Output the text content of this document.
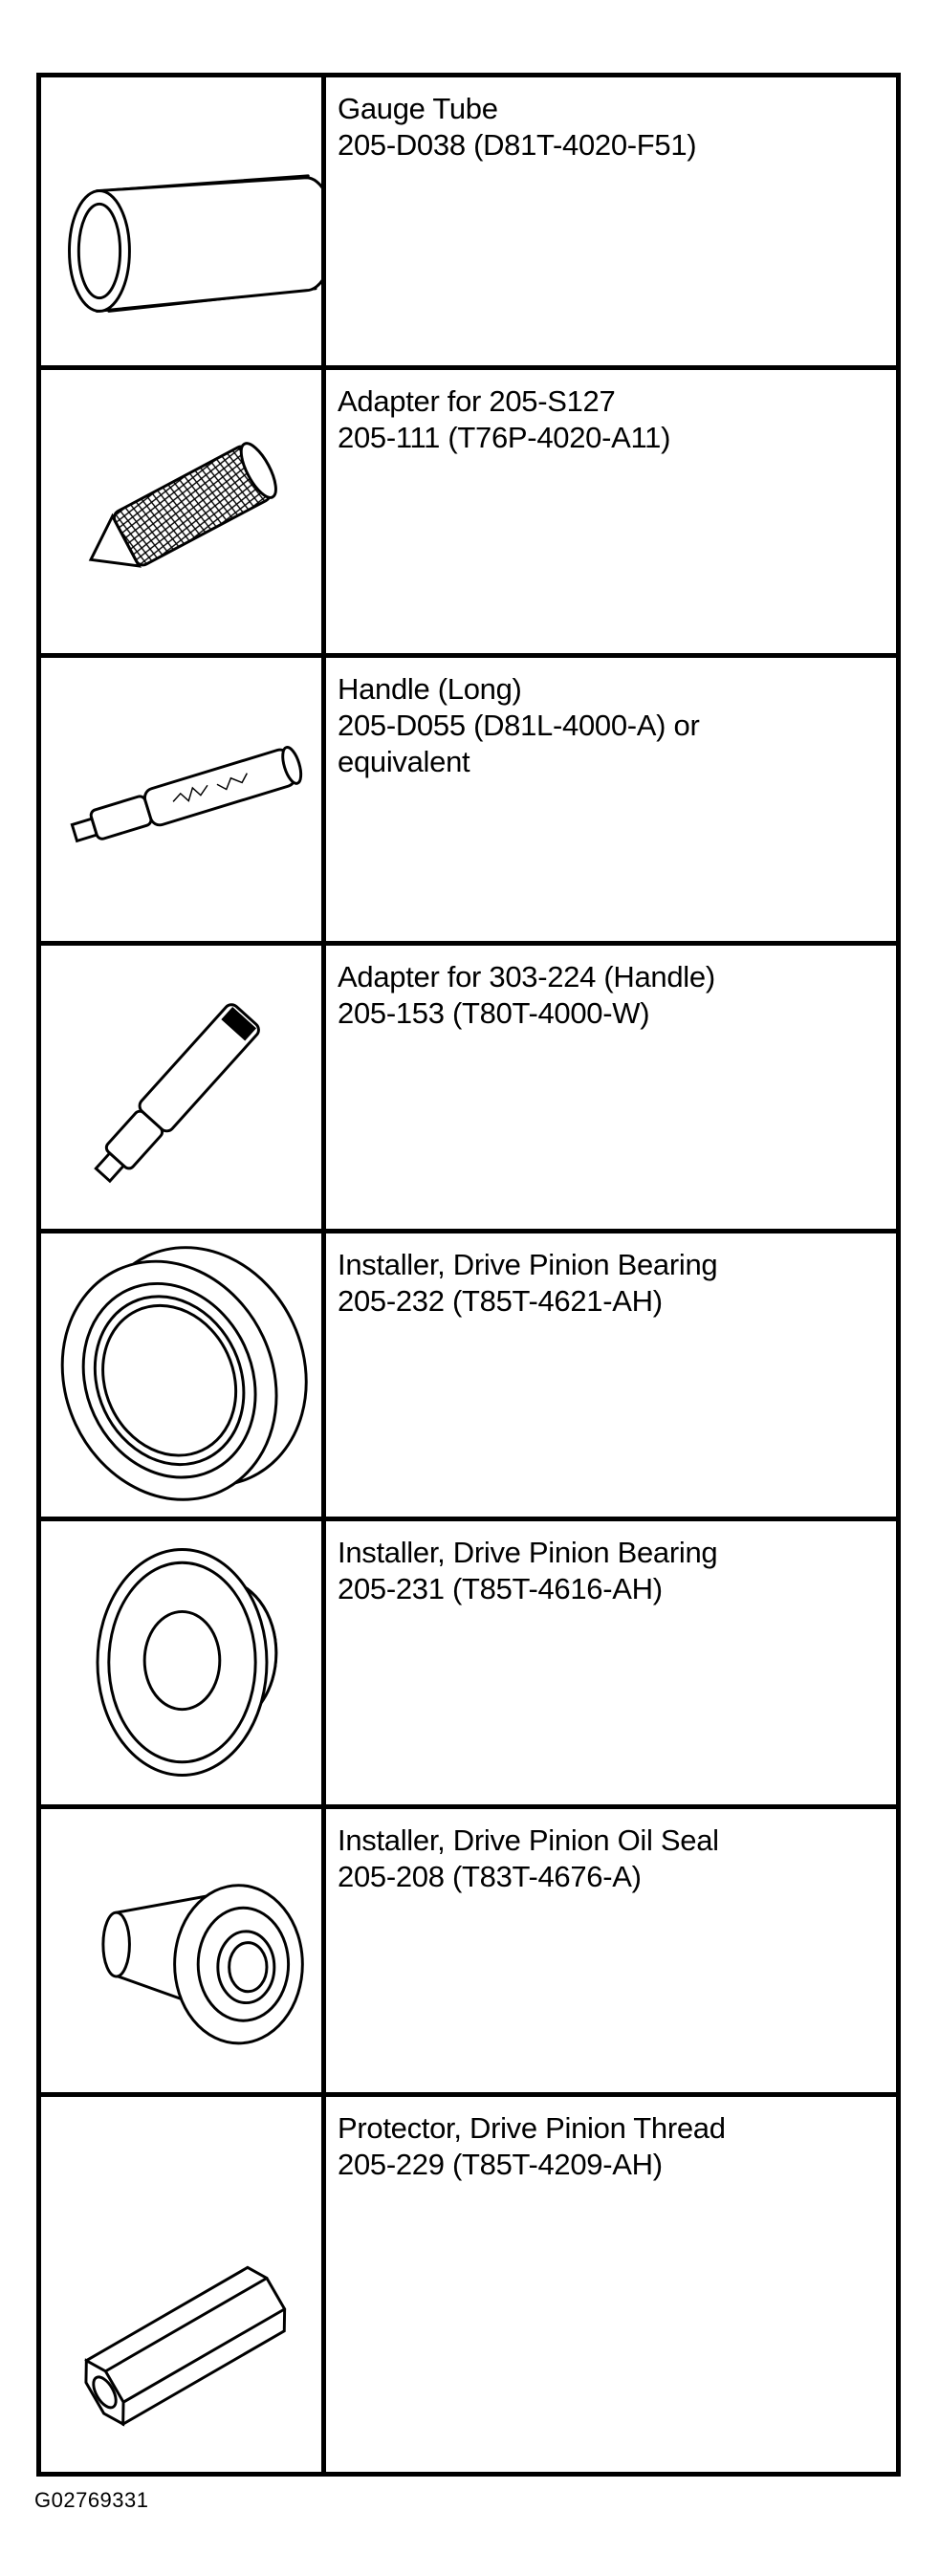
Gauge Tube
205-D038 (D81T-4020-F51)
Adapter for 205-S127
205-111 (T76P-4020-A11)
Handle (Long)
205-D055 (D81L-4000-A) or
equivalent
Adapter for 303-224 (Handle)
205-153 (T80T-4000-W)
Installer, Drive Pinion Bearing
205-232 (T85T-4621-AH)
Installer, Drive Pinion Bearing
205-231 (T85T-4616-AH)
Installer, Drive Pinion Oil Seal
205-208 (T83T-4676-A)
Protector, Drive Pinion Thread
205-229 (T85T-4209-AH)
G02769331
